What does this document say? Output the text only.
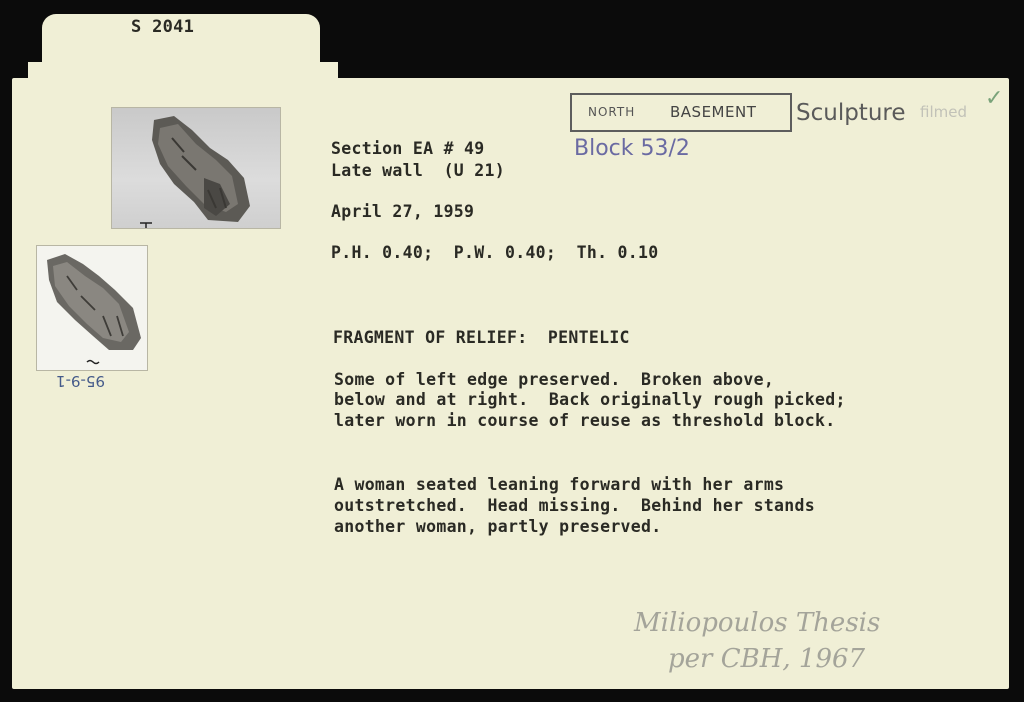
S 2041
95-9-1
Section EA # 49
Late wall  (U 21)
April 27, 1959
P.H. 0.40;  P.W. 0.40;  Th. 0.10
FRAGMENT OF RELIEF:  PENTELIC
Some of left edge preserved.  Broken above,
below and at right.  Back originally rough picked;
later worn in course of reuse as threshold block.
A woman seated leaning forward with her arms
outstretched.  Head missing.  Behind her stands
another woman, partly preserved.
NORTH BASEMENT Sculpture filmed
✓
Block 53/2
Miliopoulos Thesis
per CBH, 1967
